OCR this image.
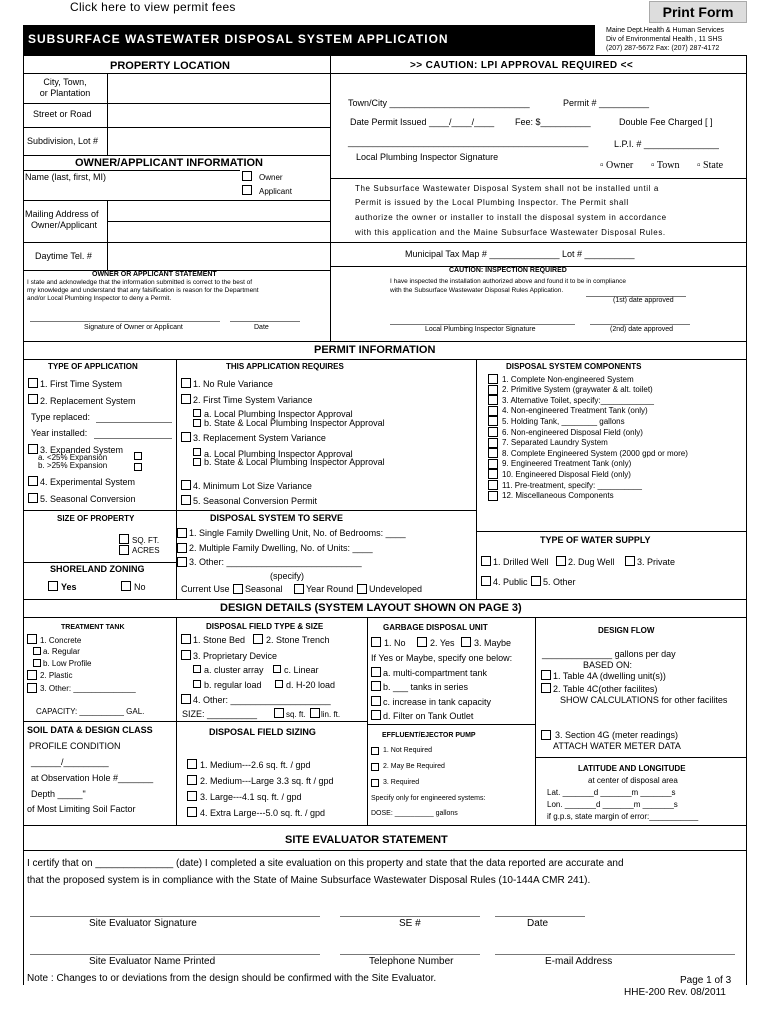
Click here to view permit fees	Print Form
SUBSURFACE WASTEWATER DISPOSAL SYSTEM APPLICATION
Maine Dept.Health & Human Services
Div of Environmental Health , 11 SHS
(207) 287-5672 Fax: (207) 287-4172
PROPERTY LOCATION
City, Town,
or Plantation
Street or Road
Subdivision, Lot #
OWNER/APPLICANT INFORMATION
Name (last, first, MI)	Owner
Applicant
Mailing Address of
Owner/Applicant
Daytime Tel. #
OWNER OR APPLICANT STATEMENT
I state and acknowledge that the information submitted is correct to the best of
my knowledge and understand that any falsification is reason for the Department
and/or Local Plumbing Inspector to deny a Permit.
Signature of Owner or Applicant	Date
>> CAUTION: LPI APPROVAL REQUIRED <<
Town/City ____________________________	Permit # __________
Date Permit Issued ____/____/____ Fee: $__________	Double Fee Charged [ ]
________________________________________________	L.P.I. # _______________
Local Plumbing Inspector Signature
▫ Owner ▫ Town ▫ State
The Subsurface Wastewater Disposal System shall not be installed until a
Permit is issued by the Local Plumbing Inspector. The Permit shall
authorize the owner or installer to install the disposal system in accordance
with this application and the Maine Subsurface Wastewater Disposal Rules.
Municipal Tax Map # ______________ Lot # __________
CAUTION: INSPECTION REQUIRED
I have inspected the installation authorized above and found it to be in compliance
with the Subsurface Wastewater Disposal Rules Application.
(1st) date approved
Local Plumbing Inspector Signature	(2nd) date approved
PERMIT INFORMATION
TYPE OF APPLICATION
1. First Time System
2. Replacement System
Type replaced:
Year installed:
3. Expanded System
a. <25% Expansion
b. >25% Expansion
4. Experimental System
5. Seasonal Conversion
THIS APPLICATION REQUIRES
1. No Rule Variance
2. First Time System Variance
a. Local Plumbing Inspector Approval
b. State & Local Plumbing Inspector Approval
3. Replacement System Variance
a. Local Plumbing Inspector Approval
b. State & Local Plumbing Inspector Approval
4. Minimum Lot Size Variance
5. Seasonal Conversion Permit
DISPOSAL SYSTEM COMPONENTS
1. Complete Non-engineered System
2. Primitive System (graywater & alt. toilet)
3. Alternative Toilet, specify:____________
4. Non-engineered Treatment Tank (only)
5. Holding Tank, ________ gallons
6. Non-engineered Disposal Field (only)
7. Separated Laundry System
8. Complete Engineered System (2000 gpd or more)
9. Engineered Treatment Tank (only)
10. Engineered Disposal Field (only)
11. Pre-treatment, specify: __________
12. Miscellaneous Components
SIZE OF PROPERTY
SQ. FT.
ACRES
SHORELAND ZONING
Yes	No
DISPOSAL SYSTEM TO SERVE
1. Single Family Dwelling Unit, No. of Bedrooms: ____
2. Multiple Family Dwelling, No. of Units: ____
3. Other: ___________________________
(specify)
Current Use Seasonal	Year Round Undeveloped
TYPE OF WATER SUPPLY
1. Drilled Well 2. Dug Well	3. Private
4. Public 5. Other
DESIGN DETAILS (SYSTEM LAYOUT SHOWN ON PAGE 3)
TREATMENT TANK
1. Concrete
a. Regular
b. Low Profile
2. Plastic
3. Other: ______________
CAPACITY: __________ GAL.
DISPOSAL FIELD TYPE & SIZE
1. Stone Bed 2. Stone Trench
3. Proprietary Device
a. cluster array c. Linear
b. regular load	d. H-20 load
4. Other: ____________________
SIZE: __________	sq. ft. lin. ft.
GARBAGE DISPOSAL UNIT
1. No	2. Yes 3. Maybe
If Yes or Maybe, specify one below:
a. multi-compartment tank
b. ___ tanks in series
c. increase in tank capacity
d. Filter on Tank Outlet
DESIGN FLOW
______________ gallons per day
BASED ON:
1. Table 4A (dwelling unit(s))
2. Table 4C(other facilites)
SHOW CALCULATIONS for other facilites
3. Section 4G (meter readings)
ATTACH WATER METER DATA
LATITUDE AND LONGITUDE
at center of disposal area
Lat. _______d _______m _______s
Lon. _______d _______m _______s
if g.p.s, state margin of error:___________
SOIL DATA & DESIGN CLASS
PROFILE CONDITION
______/_________
at Observation Hole #_______
Depth _____"
of Most Limiting Soil Factor
DISPOSAL FIELD SIZING
1. Medium---2.6 sq. ft. / gpd
2. Medium---Large 3.3 sq. ft / gpd
3. Large---4.1 sq. ft. / gpd
4. Extra Large---5.0 sq. ft. / gpd
EFFLUENT/EJECTOR PUMP
1. Not Required
2. May Be Required
3. Required
Specify only for engineered systems:
DOSE: __________ gallons
SITE EVALUATOR STATEMENT
I certify that on ______________ (date) I completed a site evaluation on this property and state that the data reported are accurate and
that the proposed system is in compliance with the State of Maine Subsurface Wastewater Disposal Rules (10-144A CMR 241).
Site Evaluator Signature	SE #	Date
Site Evaluator Name Printed	Telephone Number	E-mail Address
Note : Changes to or deviations from the design should be confirmed with the Site Evaluator.	Page 1 of 3
HHE-200 Rev. 08/2011
